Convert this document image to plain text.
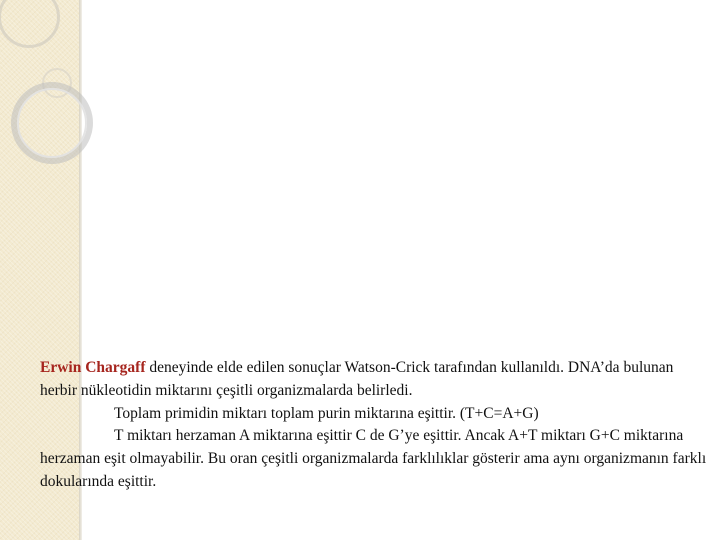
Erwin Chargaff deneyinde elde edilen sonuçlar Watson-Crick tarafından kullanıldı. DNA’da bulunan herbir nükleotidin miktarını çeşitli organizmalarda belirledi.

Toplam primidin miktarı toplam purin miktarına eşittir. (T+C=A+G)

T miktarı herzaman A miktarına eşittir C de G’ye eşittir. Ancak A+T miktarı G+C miktarına herzaman eşit olmayabilir. Bu oran çeşitli organizmalarda farklılıklar gösterir ama aynı organizmanın farklı dokularında eşittir.
